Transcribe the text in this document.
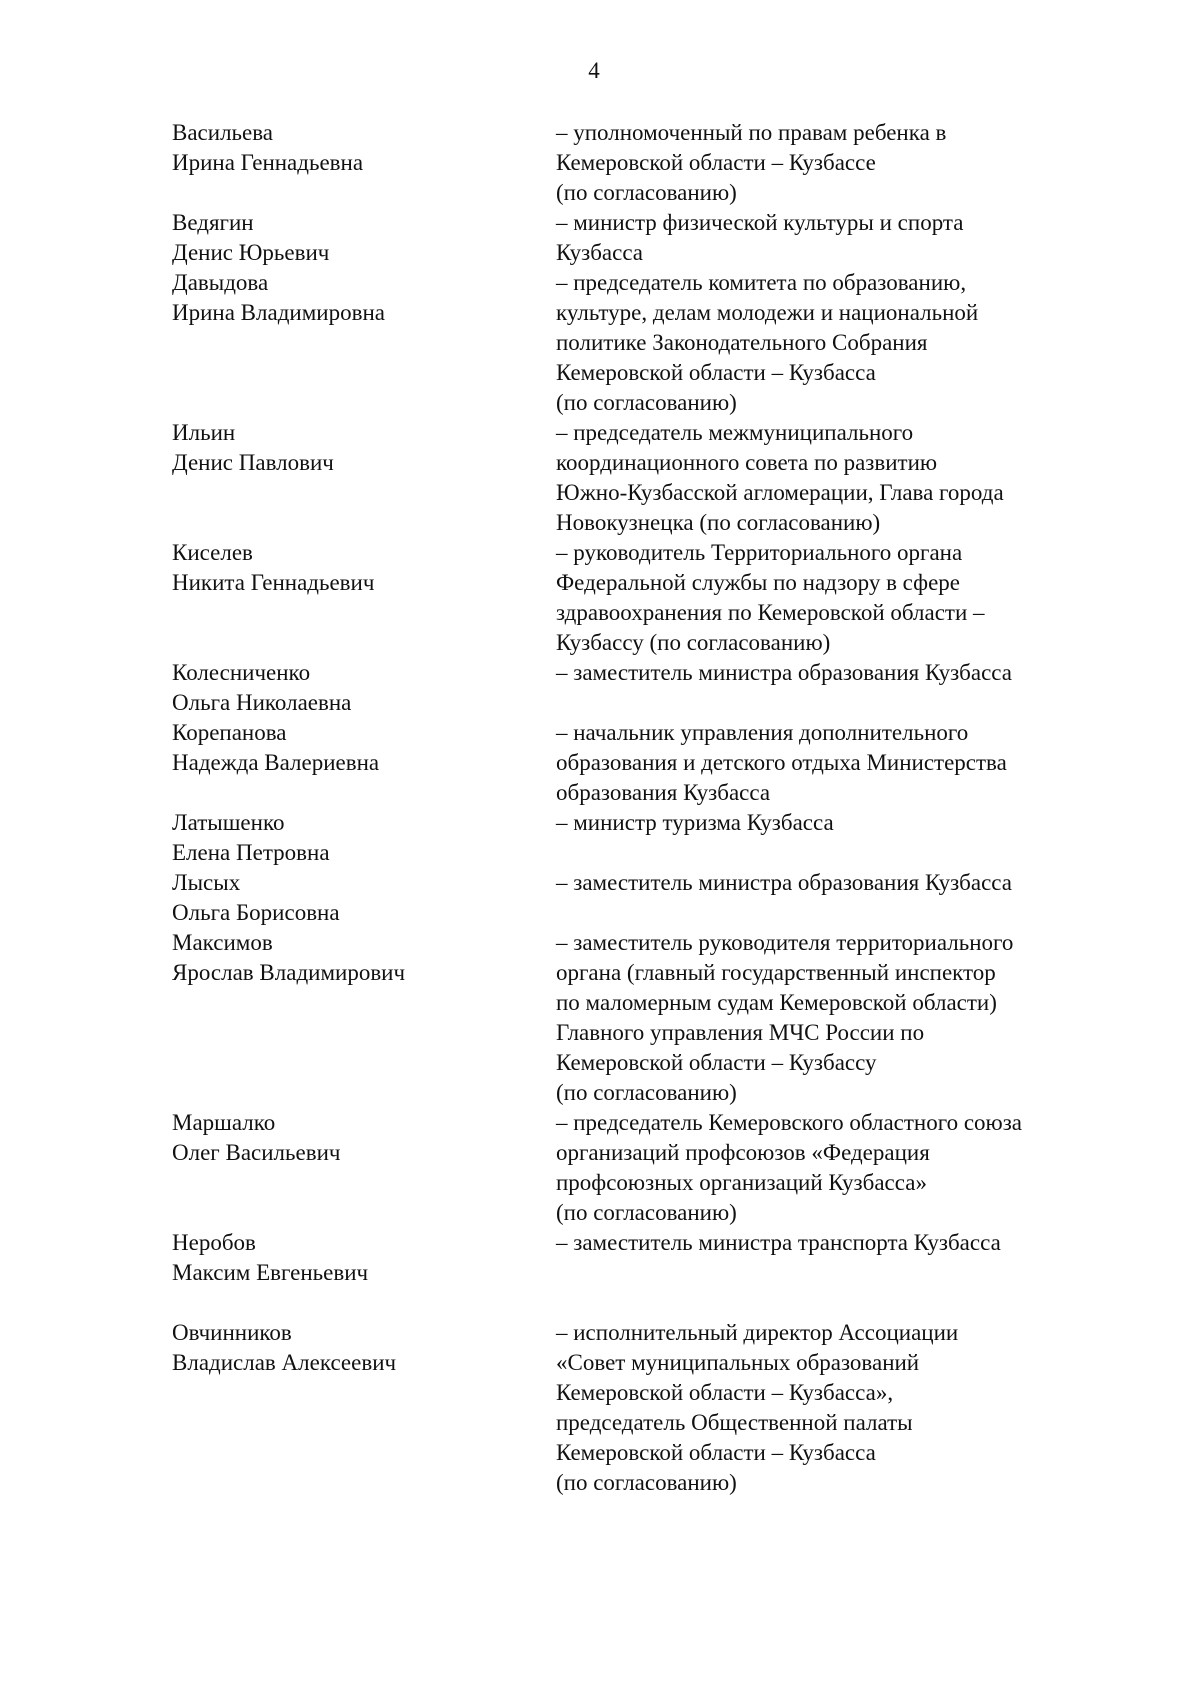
4
Васильева
Ирина Геннадьевна
– уполномоченный по правам ребенка в
Кемеровской области – Кузбассе
(по согласованию)
Ведягин
Денис Юрьевич
– министр физической культуры и спорта
Кузбасса
Давыдова
Ирина Владимировна
– председатель комитета по образованию,
культуре, делам молодежи и национальной
политике Законодательного Собрания
Кемеровской области – Кузбасса
(по согласованию)
Ильин
Денис Павлович
– председатель межмуниципального
координационного совета по развитию
Южно-Кузбасской агломерации, Глава города
Новокузнецка (по согласованию)
Киселев
Никита Геннадьевич
– руководитель Территориального органа
Федеральной службы по надзору в сфере
здравоохранения по Кемеровской области –
Кузбассу (по согласованию)
Колесниченко
Ольга Николаевна
– заместитель министра образования Кузбасса
Корепанова
Надежда Валериевна
– начальник управления дополнительного
образования и детского отдыха Министерства
образования Кузбасса
Латышенко
Елена Петровна
– министр туризма Кузбасса
Лысых
Ольга Борисовна
– заместитель министра образования Кузбасса
Максимов
Ярослав Владимирович
– заместитель руководителя территориального
органа (главный государственный инспектор
по маломерным судам Кемеровской области)
Главного управления МЧС России по
Кемеровской области – Кузбассу
(по согласованию)
Маршалко
Олег Васильевич
– председатель Кемеровского областного союза
организаций профсоюзов «Федерация
профсоюзных организаций Кузбасса»
(по согласованию)
Неробов
Максим Евгеньевич
– заместитель министра транспорта Кузбасса
Овчинников
Владислав Алексеевич
– исполнительный директор Ассоциации
«Совет муниципальных образований
Кемеровской области – Кузбасса»,
председатель Общественной палаты
Кемеровской области – Кузбасса
(по согласованию)
